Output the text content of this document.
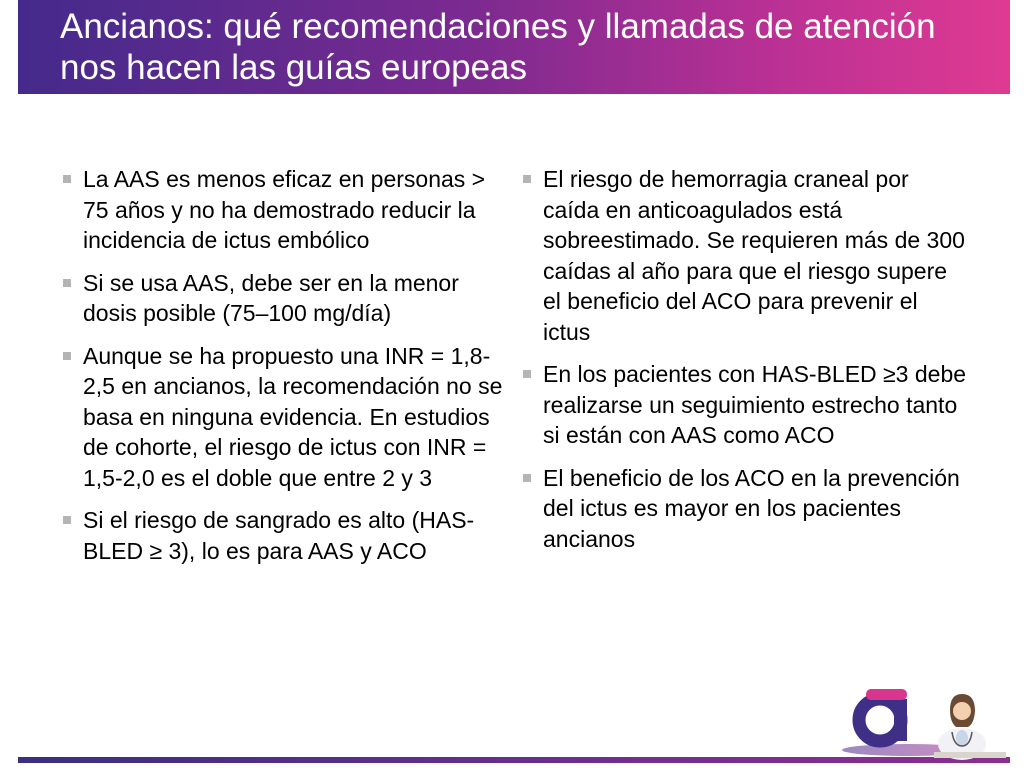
Ancianos: qué recomendaciones y llamadas de atención nos hacen las guías europeas
La AAS es menos eficaz en personas > 75 años y no ha demostrado reducir la incidencia de ictus embólico
Si se usa AAS, debe ser en la menor dosis posible (75–100 mg/día)
Aunque se ha propuesto una INR = 1,8-2,5 en ancianos, la recomendación no se basa en ninguna evidencia. En estudios de cohorte, el riesgo de ictus con INR = 1,5-2,0 es el doble que entre 2 y 3
Si el riesgo de sangrado es alto (HAS-BLED ≥ 3), lo es para AAS y ACO
El riesgo de hemorragia craneal por caída en anticoagulados está sobreestimado. Se requieren más de 300 caídas al año para que el riesgo supere el beneficio del ACO para prevenir el ictus
En los pacientes con HAS-BLED ≥3 debe realizarse un seguimiento estrecho tanto si están con AAS como ACO
El beneficio de los ACO en la prevención del ictus es mayor en los pacientes ancianos
